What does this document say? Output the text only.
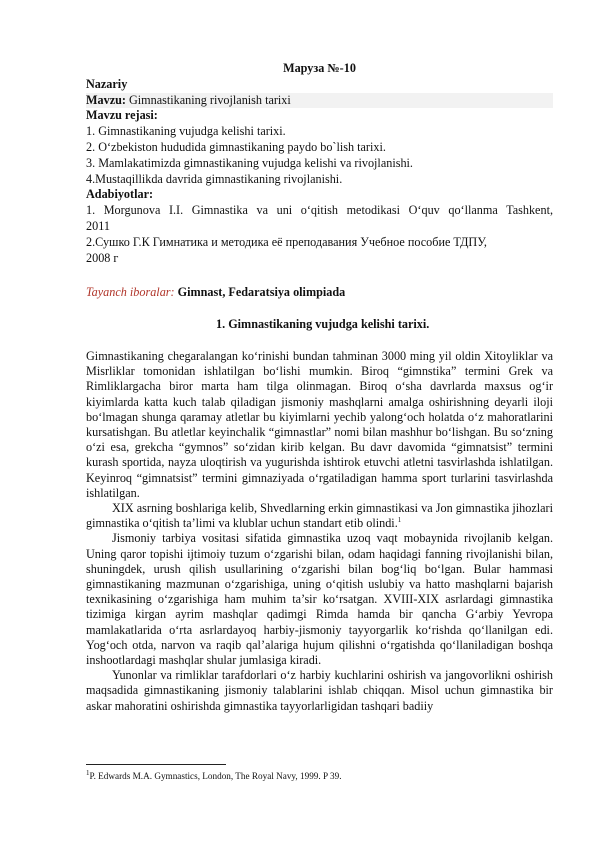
Маруза №-10
Nazariy
Mavzu: Gimnastikaning rivojlanish tarixi
Mavzu rejasi:
1. Gimnastikaning vujudga kelishi tarixi.
2. O‘zbekiston hududida gimnastikaning paydo bo`lish tarixi.
3. Mamlakatimizda gimnastikaning vujudga kelishi va rivojlanishi.
4.Mustaqillikda davrida gimnastikaning rivojlanishi.
Adabiyotlar:
1. Morgunova I.I. Gimnastika va uni o‘qitish metodikasi O‘quv qo‘llanma Tashkent,
2011
2.Сушко Г.К Гимнатика и методика её преподавания Учебное пособие ТДПУ,
2008 г
Tayanch iboralar: Gimnast, Fedaratsiya olimpiada
1. Gimnastikaning vujudga kelishi tarixi.

Gimnastikaning chegaralangan ko‘rinishi bundan tahminan 3000 ming yil oldin Xitoyliklar va Misrliklar tomonidan ishlatilgan bo‘lishi mumkin. Biroq “gimnstika” termini Grek va Rimliklargacha biror marta ham tilga olinmagan. Biroq o‘sha davrlarda maxsus og‘ir kiyimlarda katta kuch talab qiladigan jismoniy mashqlarni amalga oshirishning deyarli iloji bo‘lmagan shunga qaramay atletlar bu kiyimlarni yechib yalong‘och holatda o‘z mahoratlarini kursatishgan. Bu atletlar keyinchalik “gimnastlar” nomi bilan mashhur bo‘lishgan. Bu so‘zning o‘zi esa, grekcha “gymnos” so‘zidan kirib kelgan. Bu davr davomida “gimnatsist” termini kurash sportida, nayza uloqtirish va yugurishda ishtirok etuvchi atletni tasvirlashda ishlatilgan. Keyinroq “gimnatsist” termini gimnaziyada o‘rgatiladigan hamma sport turlarini tasvirlashda ishlatilgan.

XIX asrning boshlariga kelib, Shvedlarning erkin gimnastikasi va Jon gimnastika jihozlari gimnastika o‘qitish ta’limi va klublar uchun standart etib olindi.$^1$

Jismoniy tarbiya vositasi sifatida gimnastika uzoq vaqt mobaynida rivojlanib kelgan. Uning qaror topishi ijtimoiy tuzum o‘zgarishi bilan, odam haqidagi fanning rivojlanishi bilan, shuningdek, urush qilish usullarining o‘zgarishi bilan bog‘liq bo‘lgan. Bular hammasi gimnastikaning mazmunan o‘zgarishiga, uning o‘qitish uslubiy va hatto mashqlarni bajarish texnikasining o‘zgarishiga ham muhim ta’sir ko‘rsatgan. XVIII-XIX asrlardagi gimnastika tizimiga kirgan ayrim mashqlar qadimgi Rimda hamda bir qancha G‘arbiy Yevropa mamlakatlarida o‘rta asrlardayoq harbiy-jismoniy tayyorgarlik ko‘rishda qo‘llanilgan edi. Yog‘och otda, narvon va raqib qal’alariga hujum qilishni o‘rgatishda qo‘llaniladigan boshqa inshootlardagi mashqlar shular jumlasiga kiradi.

Yunonlar va rimliklar tarafdorlari o‘z harbiy kuchlarini oshirish va jangovorlikni oshirish maqsadida gimnastikaning jismoniy talablarini ishlab chiqqan. Misol uchun gimnastika bir askar mahoratini oshirishda gimnastika tayyorlarligidan tashqari badiiy

$^1$P. Edwards M.A. Gymnastics, London, The Royal Navy, 1999. P 39.
